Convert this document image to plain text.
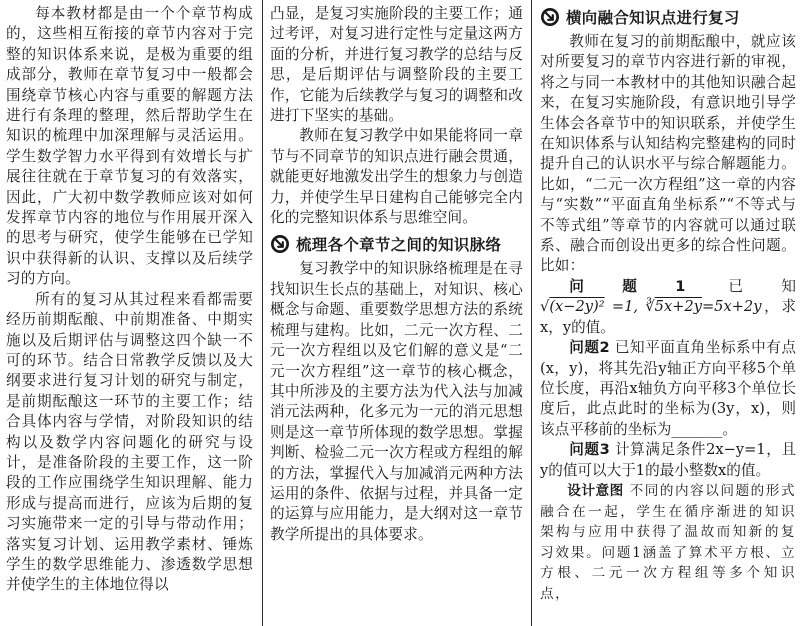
每本教材都是由一个个章节构成的，这些相互衔接的章节内容对于完整的知识体系来说，是极为重要的组成部分，教师在章节复习中一般都会围绕章节核心内容与重要的解题方法进行有条理的整理，然后帮助学生在知识的梳理中加深理解与灵活运用。学生数学智力水平得到有效增长与扩展往往就在于章节复习的有效落实，因此，广大初中数学教师应该对如何发挥章节内容的地位与作用展开深入的思考与研究，使学生能够在已学知识中获得新的认识、支撑以及后续学习的方向。

所有的复习从其过程来看都需要经历前期酝酿、中前期准备、中期实施以及后期评估与调整这四个缺一不可的环节。结合日常教学反馈以及大纲要求进行复习计划的研究与制定，是前期酝酿这一环节的主要工作；结合具体内容与学情，对阶段知识的结构以及数学内容问题化的研究与设计，是准备阶段的主要工作，这一阶段的工作应围绕学生知识理解、能力形成与提高而进行，应该为后期的复习实施带来一定的引导与带动作用；落实复习计划、运用教学素材、锤炼学生的数学思维能力、渗透数学思想并使学生的主体地位得以

凸显，是复习实施阶段的主要工作；通过考评，对复习进行定性与定量这两方面的分析，并进行复习教学的总结与反思，是后期评估与调整阶段的主要工作，它能为后续教学与复习的调整和改进打下坚实的基础。

教师在复习教学中如果能将同一章节与不同章节的知识点进行融会贯通，就能更好地激发出学生的想象力与创造力，并使学生早日建构自己能够完全内化的完整知识体系与思维空间。

梳理各个章节之间的知识脉络

复习教学中的知识脉络梳理是在寻找知识生长点的基础上，对知识、核心概念与命题、重要数学思想方法的系统梳理与建构。比如，二元一次方程、二元一次方程组以及它们解的意义是“二元一次方程组”这一章节的核心概念，其中所涉及的主要方法为代入法与加减消元法两种，化多元为一元的消元思想则是这一章节所体现的数学思想。掌握判断、检验二元一次方程或方程组的解的方法，掌握代入与加减消元两种方法运用的条件、依据与过程，并具备一定的运算与应用能力，是大纲对这一章节教学所提出的具体要求。

横向融合知识点进行复习

教师在复习的前期酝酿中，就应该对所要复习的章节内容进行新的审视，将之与同一本教材中的其他知识融合起来，在复习实施阶段，有意识地引导学生体会各章节中的知识联系，并使学生在知识体系与认知结构完整建构的同时提升自己的认识水平与综合解题能力。比如，“二元一次方程组”这一章的内容与“实数”“平面直角坐标系”“不等式与不等式组”等章节的内容就可以通过联系、融合而创设出更多的综合性问题。比如：

问题1	已知 √(x−2y)² =1, ∛5x+2y=5x+2y，求x，y的值。

问题2 已知平面直角坐标系中有点(x，y)，将其先沿y轴正方向平移5个单位长度，再沿x轴负方向平移3个单位长度后，此点此时的坐标为(3y，x)，则该点平移前的坐标为_______。

问题3 计算满足条件2x−y=1，且y的值可以大于1的最小整数x的值。

设计意图 不同的内容以问题的形式融合在一起，学生在循序渐进的知识架构与应用中获得了温故而知新的复习效果。问题1涵盖了算术平方根、立方根、二元一次方程组等多个知识点，
